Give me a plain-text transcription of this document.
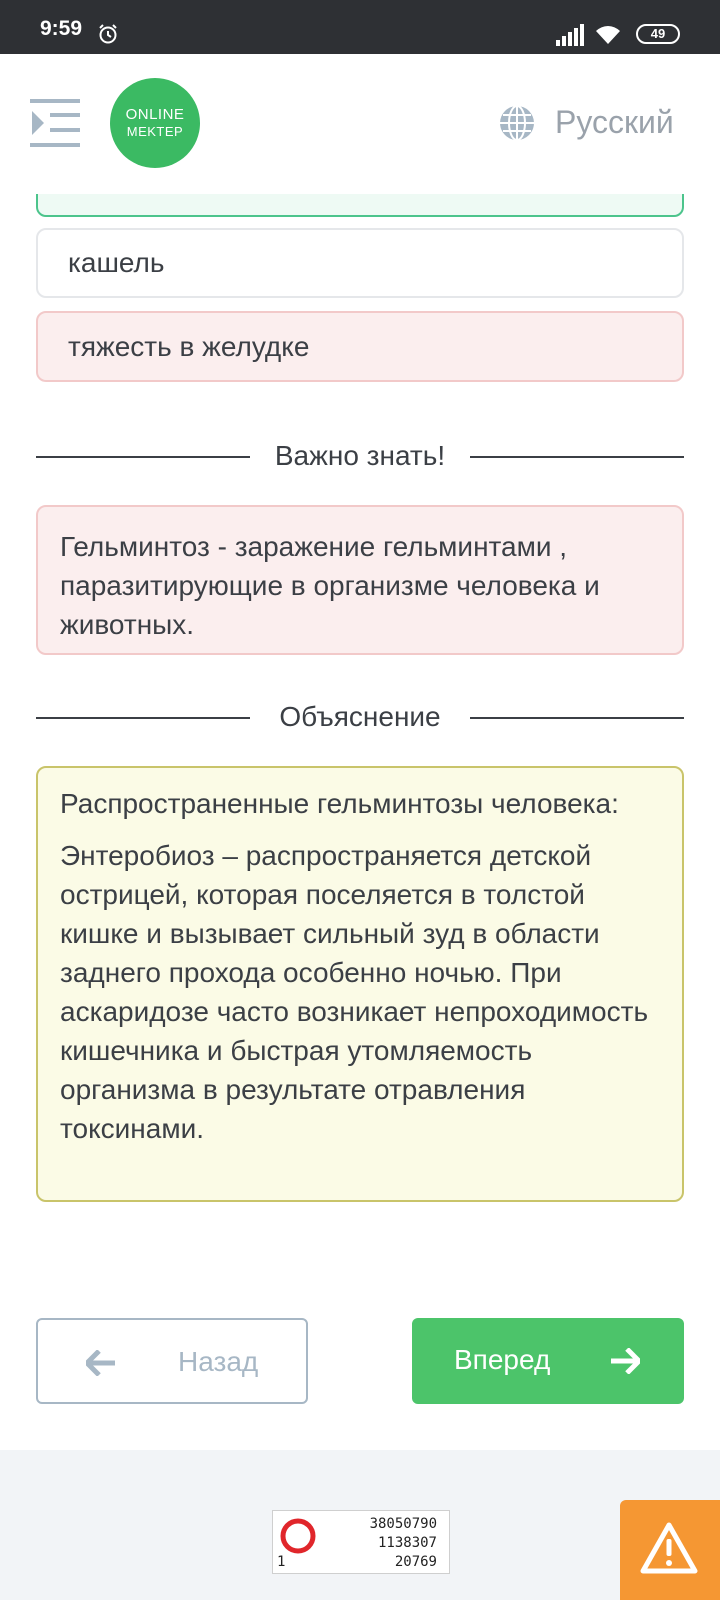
9:59	49
ONLINE
MEKTEP	Русский
кашель
тяжесть в желудке
Важно знать!
Гельминтоз - заражение гельминтами , паразитирующие в организме человека и животных.
Объяснение

Распространенные гельминтозы человека:

Энтеробиоз – распространяется детской острицей, которая поселяется в толстой кишке и вызывает сильный зуд в области заднего прохода особенно ночью. При аскаридозе часто возникает непроходимость кишечника и быстрая утомляемость организма в результате отравления токсинами.

Назад	Вперед
38050790
1138307
20769
1
